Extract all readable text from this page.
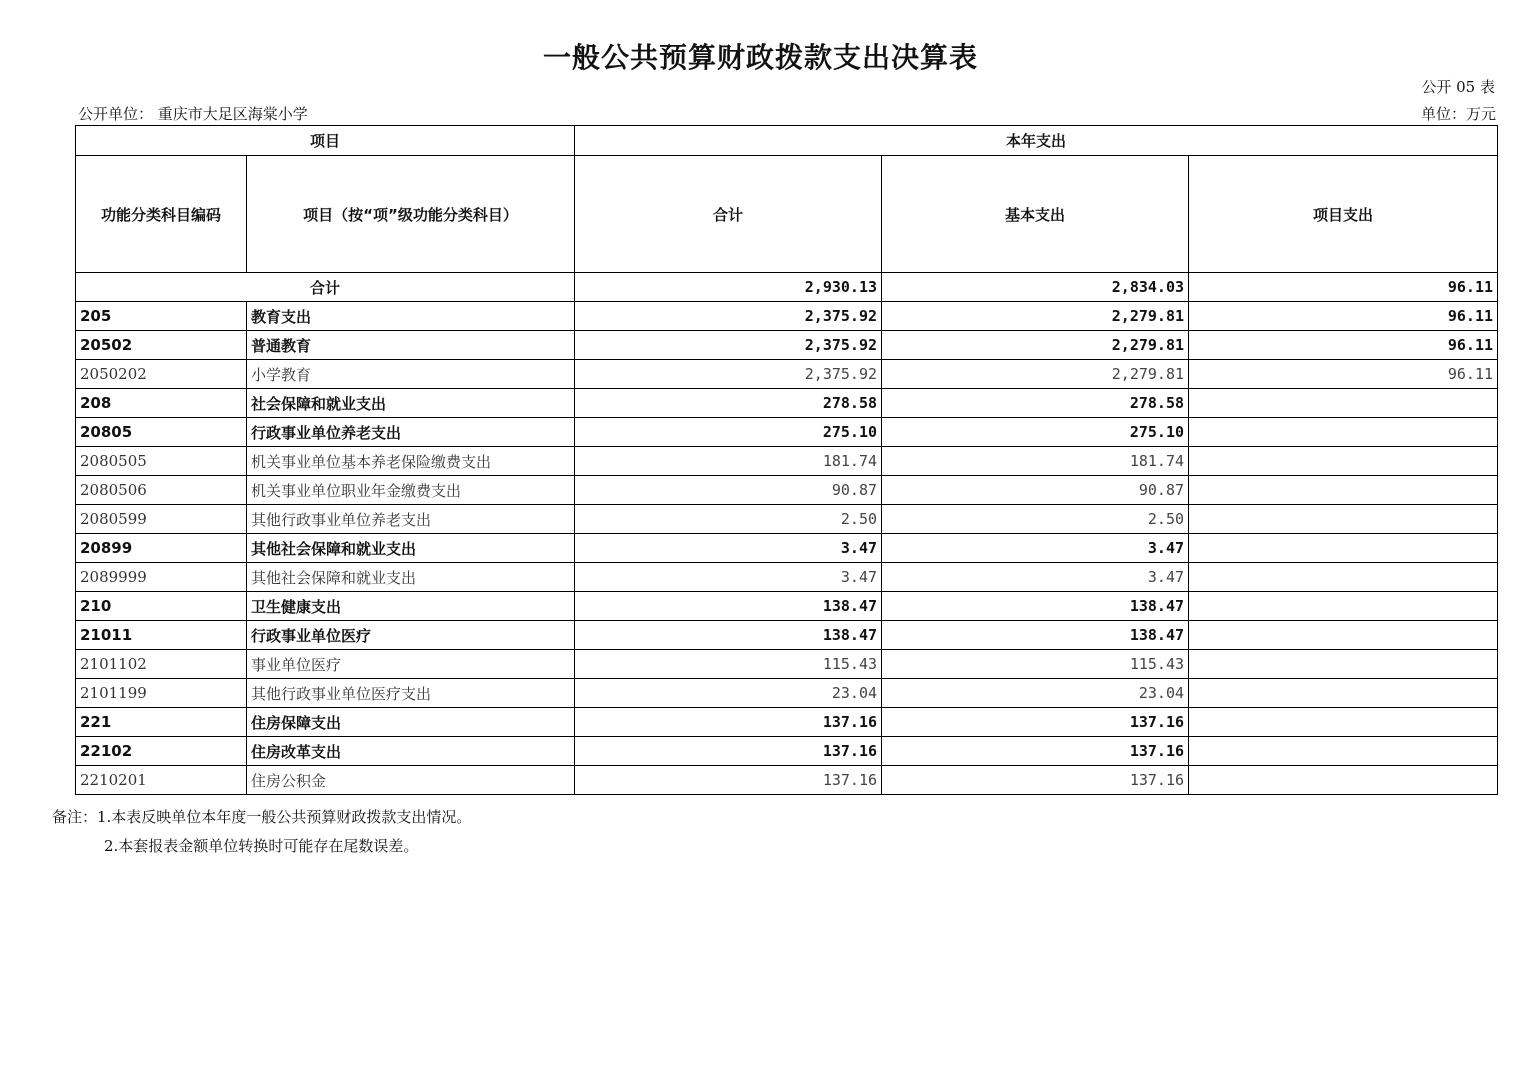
一般公共预算财政拨款支出决算表
公开 05 表
公开单位： 重庆市大足区海棠小学	单位：万元
项目		本年支出		
功能分类科目编码	项目（按“项”级功能分类科目）	合计	基本支出	项目支出
合计		2,930.13	2,834.03	96.11
205	教育支出	2,375.92	2,279.81	96.11
20502	普通教育	2,375.92	2,279.81	96.11
2050202	小学教育	2,375.92	2,279.81	96.11
208	社会保障和就业支出	278.58	278.58	
20805	行政事业单位养老支出	275.10	275.10	
2080505	机关事业单位基本养老保险缴费支出	181.74	181.74	
2080506	机关事业单位职业年金缴费支出	90.87	90.87	
2080599	其他行政事业单位养老支出	2.50	2.50	
20899	其他社会保障和就业支出	3.47	3.47	
2089999	其他社会保障和就业支出	3.47	3.47	
210	卫生健康支出	138.47	138.47	
21011	行政事业单位医疗	138.47	138.47	
2101102	事业单位医疗	115.43	115.43	
2101199	其他行政事业单位医疗支出	23.04	23.04	
221	住房保障支出	137.16	137.16	
22102	住房改革支出	137.16	137.16	
2210201	住房公积金	137.16	137.16	
备注：1.本表反映单位本年度一般公共预算财政拨款支出情况。
2.本套报表金额单位转换时可能存在尾数误差。
